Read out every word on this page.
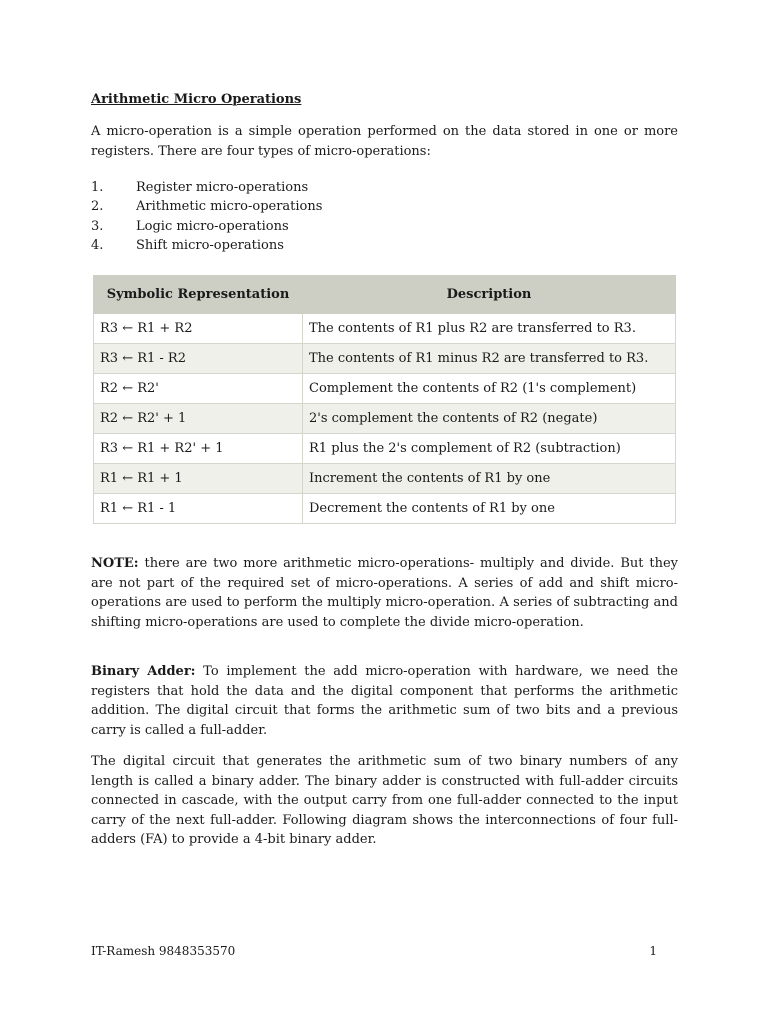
Arithmetic Micro Operations

A micro-operation is a simple operation performed on the data stored in one or more registers. There are four types of micro-operations:

1.	Register micro-operations
2.	Arithmetic micro-operations
3.	Logic micro-operations
4.	Shift micro-operations
Symbolic Representation	Description
R3 ← R1 + R2	The contents of R1 plus R2 are transferred to R3.
R3 ← R1 - R2	The contents of R1 minus R2 are transferred to R3.
R2 ← R2'	Complement the contents of R2 (1's complement)
R2 ← R2' + 1	2's complement the contents of R2 (negate)
R3 ← R1 + R2' + 1	R1 plus the 2's complement of R2 (subtraction)
R1 ← R1 + 1	Increment the contents of R1 by one
R1 ← R1 - 1	Decrement the contents of R1 by one

NOTE: there are two more arithmetic micro-operations- multiply and divide. But they are not part of the required set of micro-operations. A series of add and shift micro-operations are used to perform the multiply micro-operation. A series of subtracting and shifting micro-operations are used to complete the divide micro-operation.

Binary Adder: To implement the add micro-operation with hardware, we need the registers that hold the data and the digital component that performs the arithmetic addition. The digital circuit that forms the arithmetic sum of two bits and a previous carry is called a full-adder.

The digital circuit that generates the arithmetic sum of two binary numbers of any length is called a binary adder. The binary adder is constructed with full-adder circuits connected in cascade, with the output carry from one full-adder connected to the input carry of the next full-adder. Following diagram shows the interconnections of four full-adders (FA) to provide a 4-bit binary adder.

IT-Ramesh 9848353570	1
